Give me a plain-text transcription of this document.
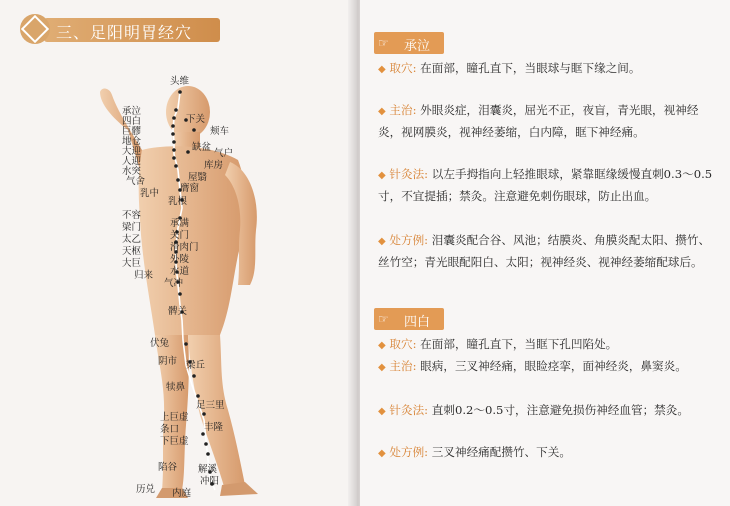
三、足阳明胃经穴
头维
承泣
四白
巨髎
地仓
大迎
人迎
水突
气舍
下关
颊车
缺盆
气户
库房
屋翳
膺窗
乳中
乳根
不容
承满
梁门
关门
太乙
滑肉门
天枢
外陵
大巨
水道
归来
气冲
髀关
伏兔
阴市 梁丘
犊鼻
足三里
上巨虚
条口	丰隆
下巨虚
陷谷 解溪
冲阳
历兑 内庭
☞ 承泣
◆ 取穴: 在面部，瞳孔直下，当眼球与眶下缘之间。
◆ 主治: 外眼炎症，泪囊炎，屈光不正，夜盲，青光眼，视神经炎，视网膜炎，视神经萎缩，白内障，眶下神经痛。
◆ 针灸法: 以左手拇指向上轻推眼球，紧靠眶缘缓慢直刺0.3～0.5寸，不宜提插；禁灸。注意避免刺伤眼球，防止出血。
◆ 处方例: 泪囊炎配合谷、风池；结膜炎、角膜炎配太阳、攒竹、丝竹空；青光眼配阳白、太阳；视神经炎、视神经萎缩配球后。
☞ 四白
◆ 取穴: 在面部，瞳孔直下，当眶下孔凹陷处。
◆ 主治: 眼病，三叉神经痛，眼睑痉挛，面神经炎，鼻窦炎。
◆ 针灸法: 直刺0.2～0.5寸，注意避免损伤神经血管；禁灸。
◆ 处方例: 三叉神经痛配攒竹、下关。
